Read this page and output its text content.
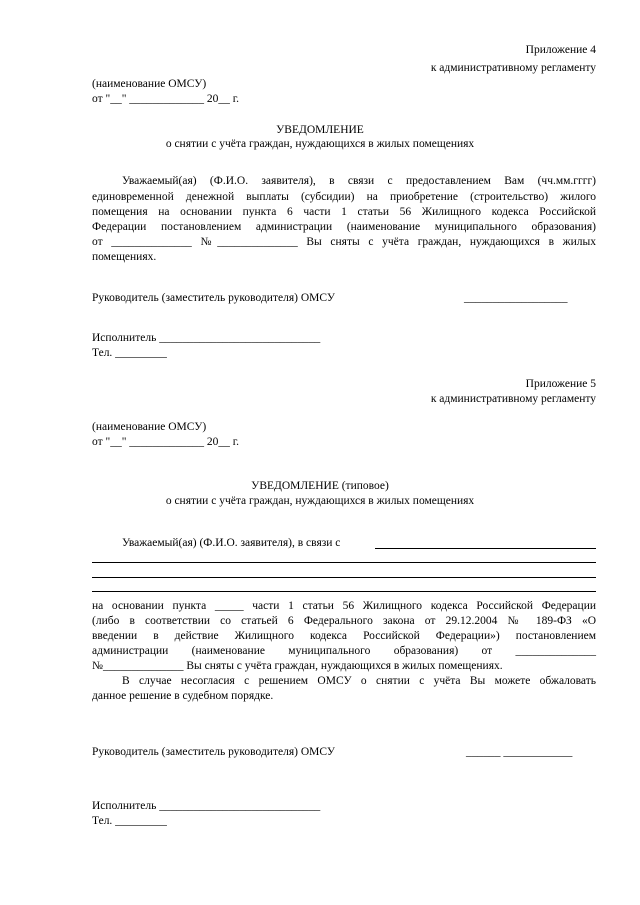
Приложение 4

к административному регламенту

(наименование ОМСУ)

от "__" _____________ 20__ г.

УВЕДОМЛЕНИЕ

о снятии с учёта граждан, нуждающихся в жилых помещениях

Уважаемый(ая) (Ф.И.О. заявителя), в связи с предоставлением Вам (чч.мм.гггг)

единовременной денежной выплаты (субсидии) на приобретение (строительство) жилого

помещения на основании пункта 6 части 1 статьи 56 Жилищного кодекса Российской

Федерации постановлением администрации (наименование муниципального образования)

от ______________ №______________ Вы сняты с учёта граждан, нуждающихся в жилых

помещениях.

Руководитель (заместитель руководителя) ОМСУ	__________________

Исполнитель ____________________________

Тел. _________

Приложение 5

к административному регламенту

(наименование ОМСУ)

от "__" _____________ 20__ г.

УВЕДОМЛЕНИЕ (типовое)

о снятии с учёта граждан, нуждающихся в жилых помещениях

Уважаемый(ая) (Ф.И.О. заявителя), в связи с

на основании пункта _____ части 1 статьи 56 Жилищного кодекса Российской Федерации

(либо в соответствии со статьей 6 Федерального закона от 29.12.2004 № 189-ФЗ «О

введении в действие Жилищного кодекса Российской Федерации») постановлением

администрации (наименование муниципального образования) от ______________

№______________ Вы сняты с учёта граждан, нуждающихся в жилых помещениях.

В случае несогласия с решением ОМСУ о снятии с учёта Вы можете обжаловать

данное решение в судебном порядке.

Руководитель (заместитель руководителя) ОМСУ	______ ____________

Исполнитель ____________________________

Тел. _________
